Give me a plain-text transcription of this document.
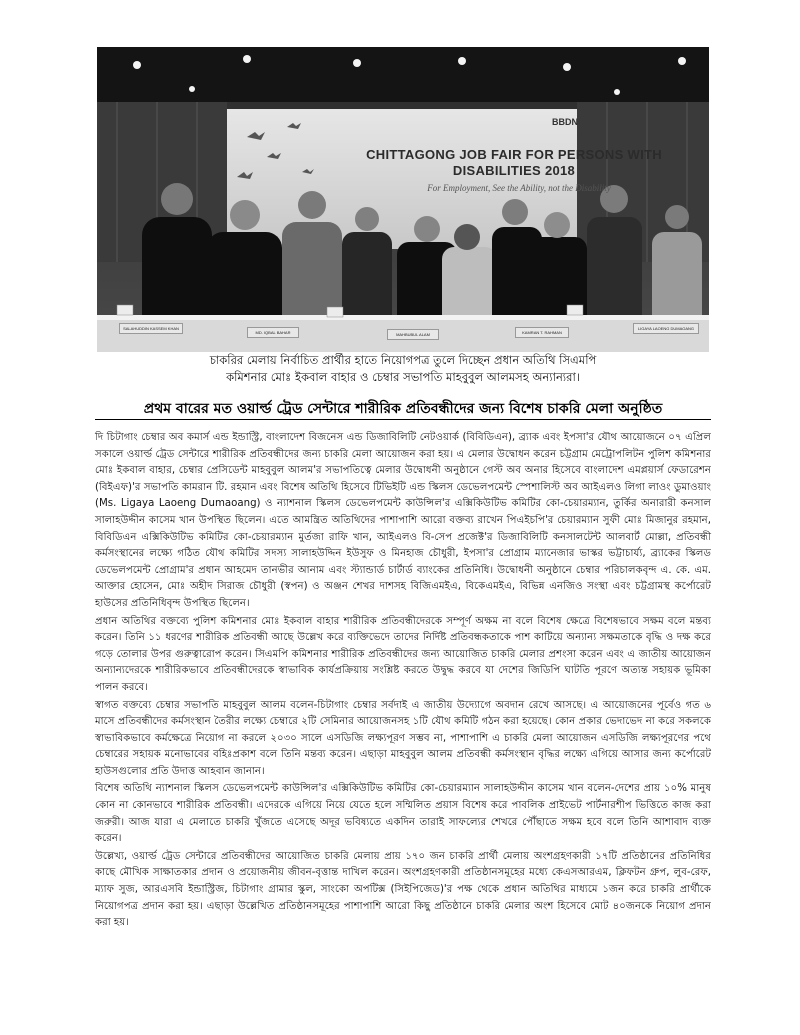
BBDN
CHITTAGONG JOB FAIR FOR PERSONS WITH DISABILITIES 2018
For Employment, See the Ability, not the Disability
SALAHUDDIN KASSEM KHAN
MD. IQBAL BAHAR	MAHBUBUL ALAM	KAMRAN T. RAHMAN
LIGAYA LAOENG DUMAOANG
চাকরির মেলায় নির্বাচিত প্রার্থীর হাতে নিয়োগপত্র তুলে দিচ্ছেন প্রধান অতিথি সিএমপি
কমিশনার মোঃ ইকবাল বাহার ও চেম্বার সভাপতি মাহবুবুল আলমসহ অন্যান্যরা।
প্রথম বারের মত ওয়ার্ল্ড ট্রেড সেন্টারে শারীরিক প্রতিবন্ধীদের জন্য বিশেষ চাকরি মেলা অনুষ্ঠিত

দি চিটাগাং চেম্বার অব কমার্স এন্ড ইন্ডাস্ট্রি, বাংলাদেশ বিজনেস এন্ড ডিজাবিলিটি নেটওয়ার্ক (বিবিডিএন), ব্র্যাক এবং ইপসা'র যৌথ আয়োজনে ০৭ এপ্রিল সকালে ওয়ার্ল্ড ট্রেড সেন্টারে শারীরিক প্রতিবন্ধীদের জন্য চাকরি মেলা আয়োজন করা হয়। এ মেলার উদ্বোধন করেন চট্টগ্রাম মেট্রোপলিটন পুলিশ কমিশনার মোঃ ইকবাল বাহার, চেম্বার প্রেসিডেন্ট মাহবুবুল আলম'র সভাপতিত্বে মেলার উদ্বোধনী অনুষ্ঠানে গেস্ট অব অনার হিসেবে বাংলাদেশ এমপ্লয়ার্স ফেডারেশন (বিইএফ)'র সভাপতি কামরান টি. রহমান এবং বিশেষ অতিথি হিসেবে টিভিইটি এন্ড স্কিলস ডেভেলপমেন্ট স্পেশালিস্ট অব আইএলও লিগা লাওং ডুমাওয়াং (Ms. Ligaya Laoeng Dumaoang) ও ন্যাশনাল স্কিলস ডেভেলপমেন্ট কাউন্সিল'র এক্সিকিউটিভ কমিটির কো-চেয়ারম্যান, তুর্কির অনারারী কনসাল সালাহউদ্দীন কাসেম খান উপস্থিত ছিলেন। এতে আমন্ত্রিত অতিথিদের পাশাপাশি আরো বক্তব্য রাখেন পিএইচপি'র চেয়ারম্যান সুফী মোঃ মিজানুর রহমান, বিবিডিএন এক্সিকিউটিভ কমিটির কো-চেয়ারম্যান মুর্তজা রাফি খান, আইএলও বি-সেপ প্রজেক্ট'র ডিজাবিলিটি কনসালটেন্ট আলবার্ট মোল্লা, প্রতিবন্ধী কর্মসংস্থানের লক্ষ্যে গঠিত যৌথ কমিটির সদস্য সালাহউদ্দিন ইউসুফ ও মিনহাজ চৌধুরী, ইপসা'র প্রোগ্রাম ম্যানেজার ভাস্কর ভট্টাচার্য্য, ব্র্যাকের স্কিলড ডেভেলপমেন্ট প্রোগ্রাম'র প্রধান আহমেদ তানভীর আনাম এবং স্ট্যান্ডার্ড চার্টার্ড ব্যাংকের প্রতিনিধি। উদ্বোধনী অনুষ্ঠানে চেম্বার পরিচালকবৃন্দ এ. কে. এম. আক্তার হোসেন, মোঃ অহীদ সিরাজ চৌধুরী (স্বপন) ও অঞ্জন শেখর দাশসহ বিজিএমইএ, বিকেএমইএ, বিভিন্ন এনজিও সংস্থা এবং চট্টগ্রামস্থ কর্পোরেট হাউসের প্রতিনিধিবৃন্দ উপস্থিত ছিলেন।

প্রধান অতিথির বক্তব্যে পুলিশ কমিশনার মোঃ ইকবাল বাহার শারীরিক প্রতিবন্ধীদেরকে সম্পূর্ণ অক্ষম না বলে বিশেষ ক্ষেত্রে বিশেষভাবে সক্ষম বলে মন্তব্য করেন। তিনি ১১ ধরণের শারীরিক প্রতিবন্ধী আছে উল্লেখ করে ব্যক্তিভেদে তাদের নির্দিষ্ট প্রতিবন্ধকতাকে পাশ কাটিয়ে অন্যান্য সক্ষমতাকে বৃদ্ধি ও দক্ষ করে গড়ে তোলার উপর গুরুত্বারোপ করেন। সিএমপি কমিশনার শারীরিক প্রতিবন্ধীদের জন্য আয়োজিত চাকরি মেলার প্রশংসা করেন এবং এ জাতীয় আয়োজন অন্যান্যদেরকে শারীরিকভাবে প্রতিবন্ধীদেরকে স্বাভাবিক কার্যপ্রক্রিয়ায় সংশ্লিষ্ট করতে উদ্বুদ্ধ করবে যা দেশের জিডিপি ঘাটতি পূরণে অত্যন্ত সহায়ক ভূমিকা পালন করবে।

স্বাগত বক্তব্যে চেম্বার সভাপতি মাহবুবুল আলম বলেন-চিটাগাং চেম্বার সর্বদাই এ জাতীয় উদ্যোগে অবদান রেখে আসছে। এ আয়োজনের পূর্বেও গত ৬ মাসে প্রতিবন্ধীদের কর্মসংস্থান তৈরীর লক্ষ্যে চেম্বারে ২টি সেমিনার আয়োজনসহ ১টি যৌথ কমিটি গঠন করা হয়েছে। কোন প্রকার ভেদাভেদ না করে সকলকে স্বাভাবিকভাবে কর্মক্ষেত্রে নিয়োগ না করলে ২০৩০ সালে এসডিজি লক্ষ্যপূরণ সম্ভব না, পাশাপাশি এ চাকরি মেলা আয়োজন এসডিজি লক্ষ্যপূরণের পথে চেম্বারের সহায়ক মনোভাবের বহিঃপ্রকাশ বলে তিনি মন্তব্য করেন। এছাড়া মাহবুবুল আলম প্রতিবন্ধী কর্মসংস্থান বৃদ্ধির লক্ষ্যে এগিয়ে আসার জন্য কর্পোরেট হাউসগুলোর প্রতি উদাত্ত আহবান জানান।

বিশেষ অতিথি ন্যাশনাল স্কিলস ডেভেলপমেন্ট কাউন্সিল'র এক্সিকিউটিভ কমিটির কো-চেয়ারম্যান সালাহউদ্দীন কাসেম খান বলেন-দেশের প্রায় ১০% মানুষ কোন না কোনভাবে শারীরিক প্রতিবন্ধী। এদেরকে এগিয়ে নিয়ে যেতে হলে সম্মিলিত প্রয়াস বিশেষ করে পাবলিক প্রাইভেট পার্টনারশীপ ভিত্তিতে কাজ করা জরুরী। আজ যারা এ মেলাতে চাকরি খুঁজতে এসেছে অদূর ভবিষ্যতে একদিন তারাই সাফল্যের শেখরে পৌঁছাতে সক্ষম হবে বলে তিনি আশাবাদ ব্যক্ত করেন।

উল্লেখ্য, ওয়ার্ল্ড ট্রেড সেন্টারে প্রতিবন্ধীদের আয়োজিত চাকরি মেলায় প্রায় ১৭০ জন চাকরি প্রার্থী মেলায় অংশগ্রহণকারী ১৭টি প্রতিষ্ঠানের প্রতিনিধির কাছে মৌখিক সাক্ষাতকার প্রদান ও প্রয়োজনীয় জীবন-বৃত্তান্ত দাখিল করেন। অংশগ্রহণকারী প্রতিষ্ঠানসমূহের মধ্যে কেএসআরএম, ক্লিফটন গ্রুপ, লুব-রেফ, ম্যাফ সুজ, আরএসবি ইন্ডাস্ট্রিজ, চিটাগাং গ্রামার স্কুল, সাংকো অপটিক্স (সিইপিজেড)'র পক্ষ থেকে প্রধান অতিথির মাধ্যমে ১জন করে চাকরি প্রার্থীকে নিয়োগপত্র প্রদান করা হয়। এছাড়া উল্লেখিত প্রতিষ্ঠানসমূহের পাশাপাশি আরো কিছু প্রতিষ্ঠানে চাকরি মেলার অংশ হিসেবে মোট ৪০জনকে নিয়োগ প্রদান করা হয়।
